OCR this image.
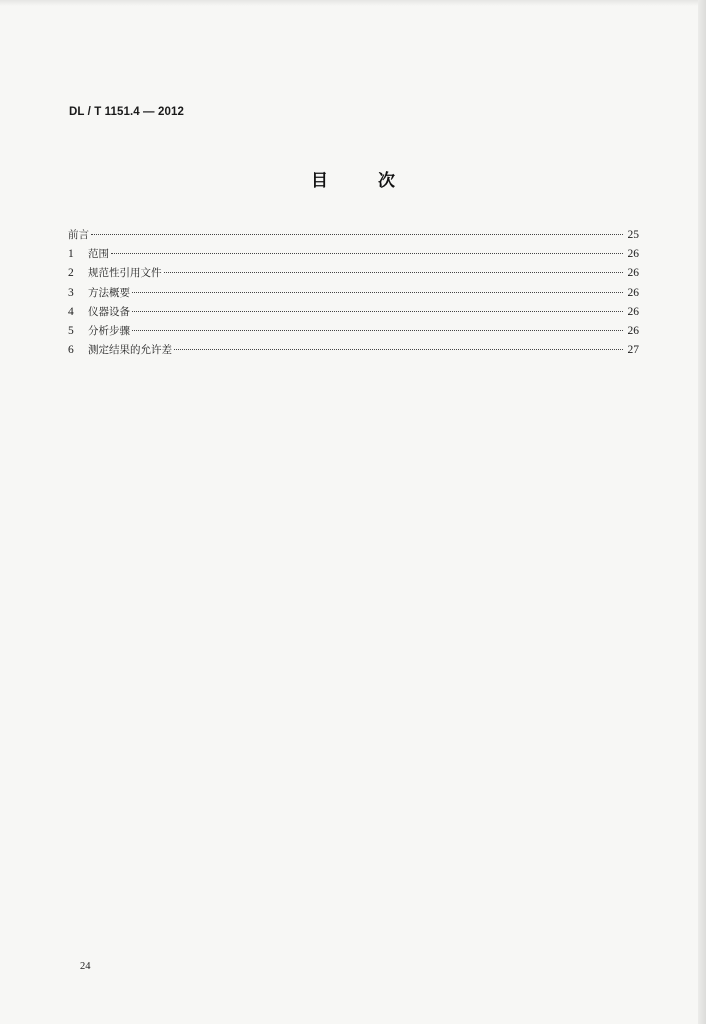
DL / T 1151.4 — 2012
目 次
前言	25
1	范围	26
2	规范性引用文件	26
3	方法概要	26
4	仪器设备	26
5	分析步骤	26
6	测定结果的允许差	27
24
